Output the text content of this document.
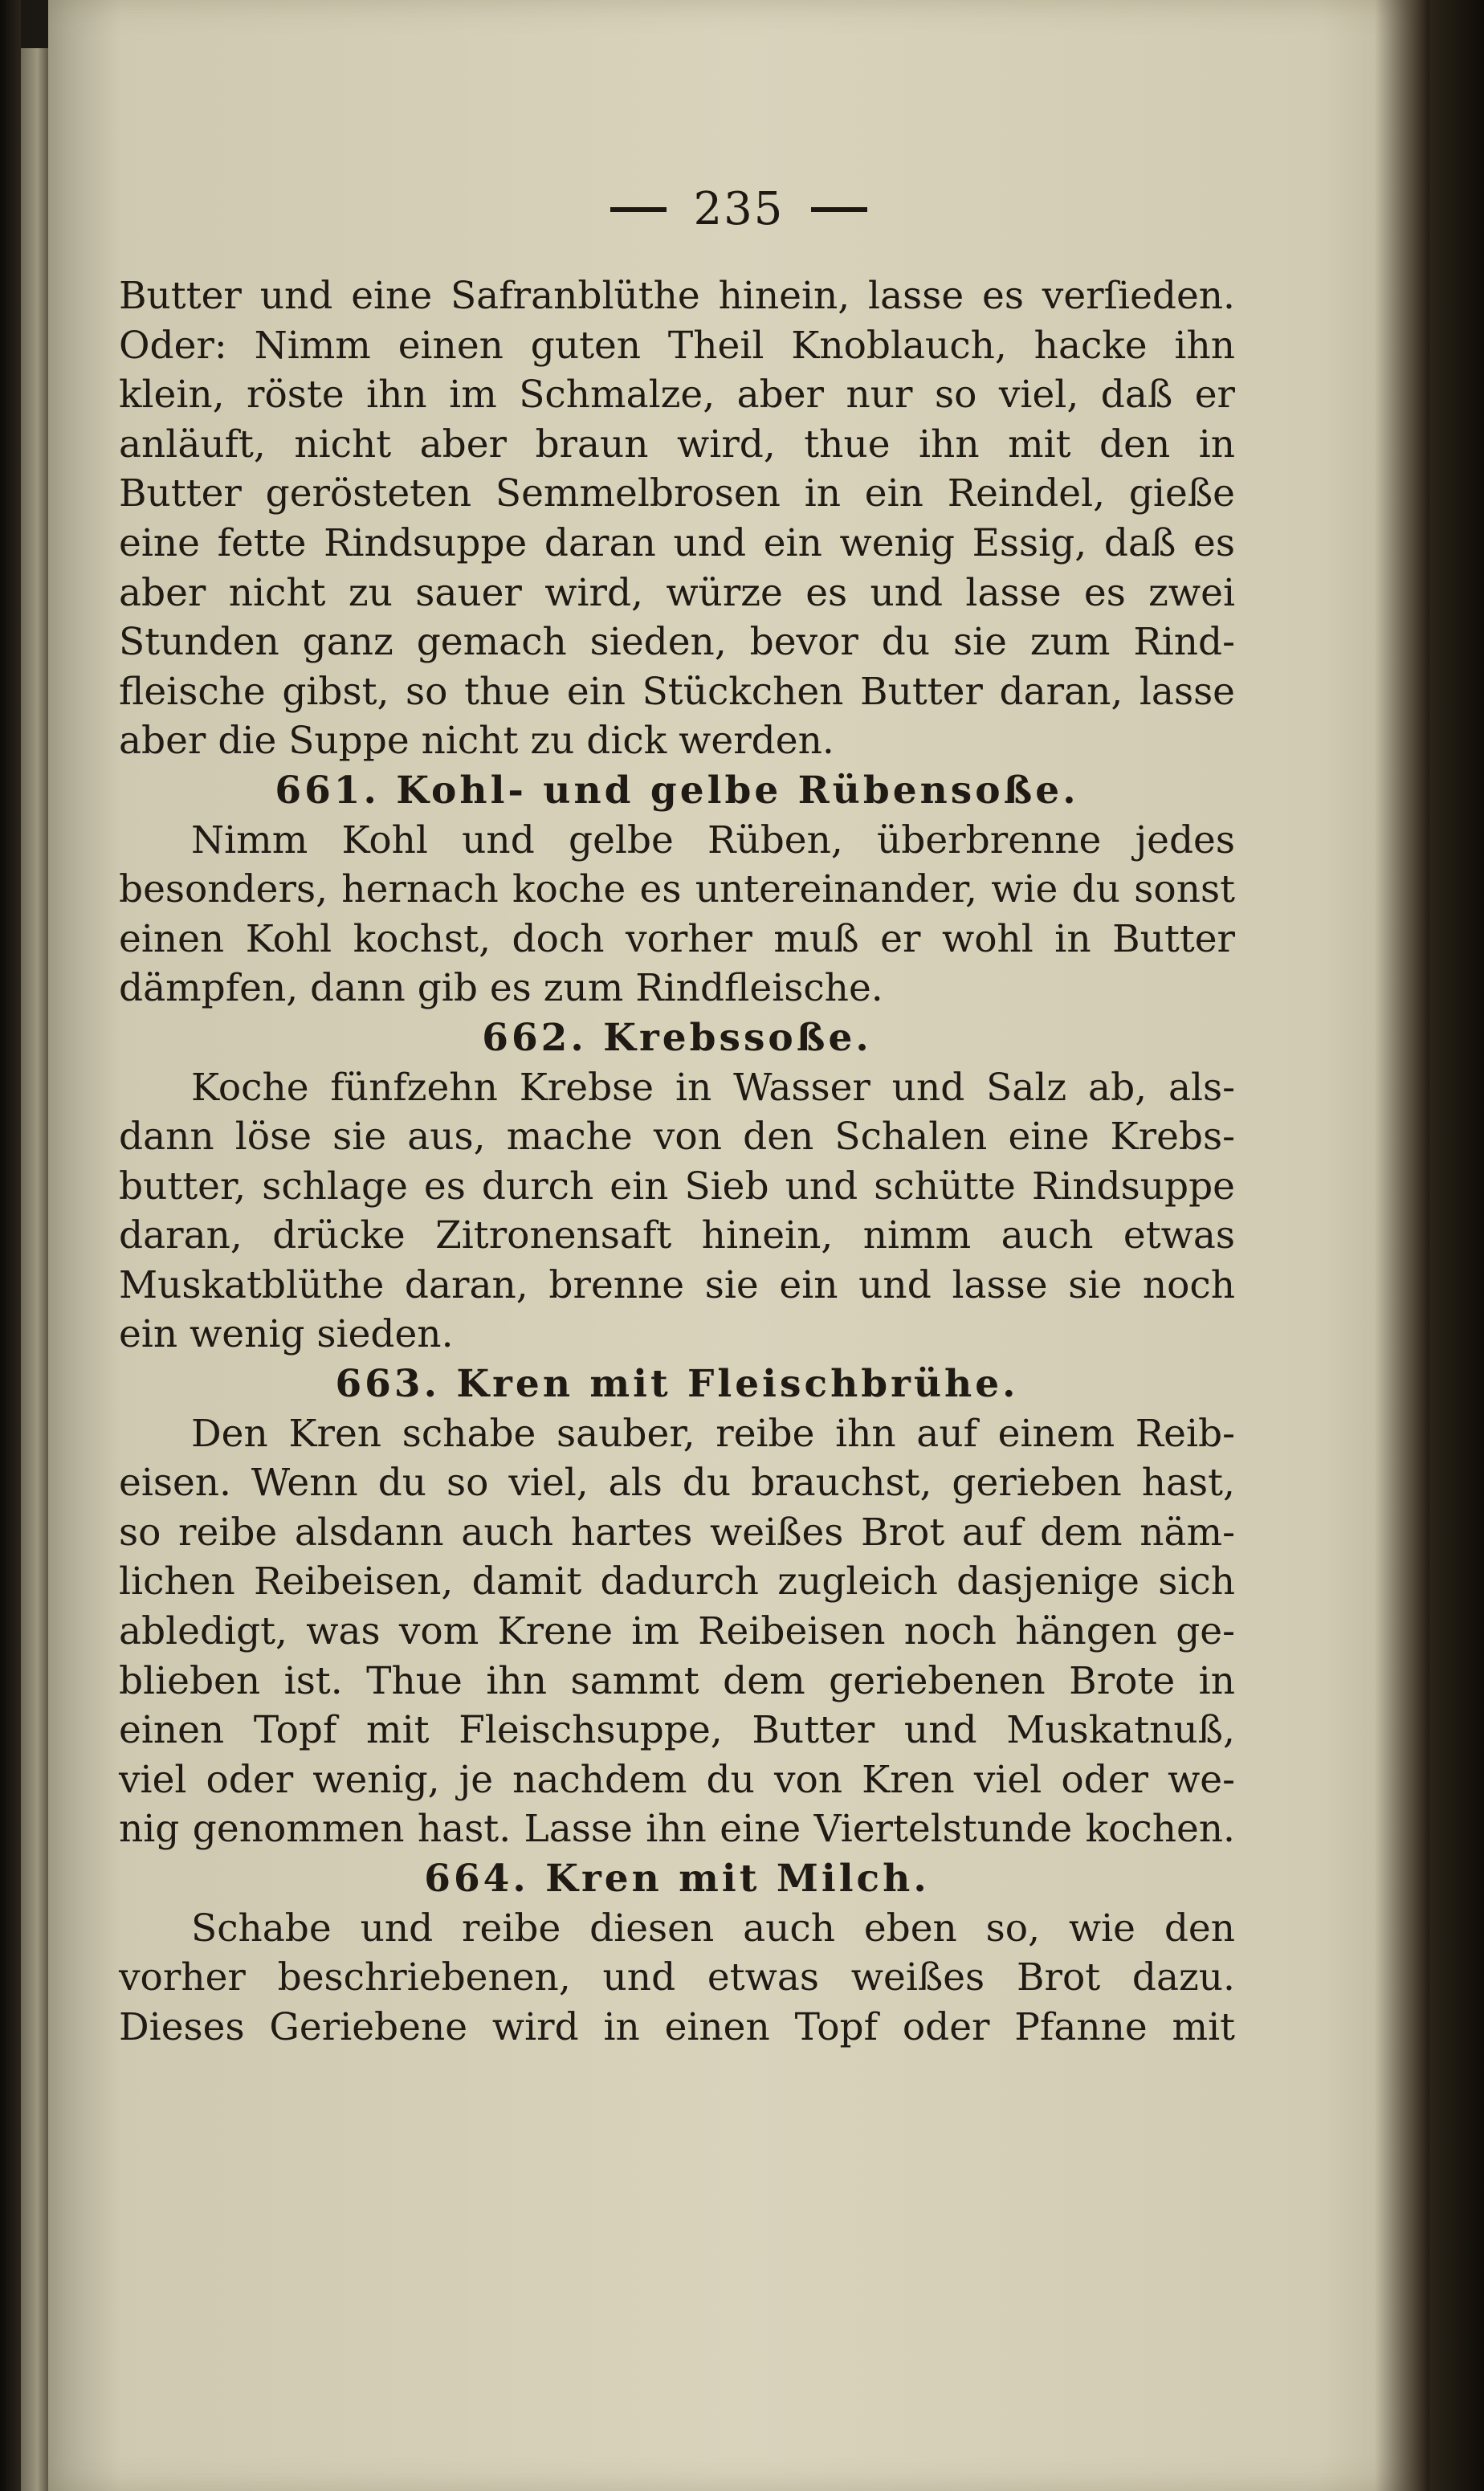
235
Butter und eine Safranblüthe hinein, lasse es verſieden.
Oder: Nimm einen guten Theil Knoblauch, hacke ihn
klein, röste ihn im Schmalze, aber nur so viel, daß er
anläuft, nicht aber braun wird, thue ihn mit den in
Butter gerösteten Semmelbrosen in ein Reindel, gieße
eine fette Rindsuppe daran und ein wenig Essig, daß es
aber nicht zu sauer wird, würze es und lasse es zwei
Stunden ganz gemach sieden, bevor du sie zum Rind-
fleische gibst, so thue ein Stückchen Butter daran, lasse
aber die Suppe nicht zu dick werden.
661. Kohl- und gelbe Rübensoße.
Nimm Kohl und gelbe Rüben, überbrenne jedes
besonders, hernach koche es untereinander, wie du sonst
einen Kohl kochst, doch vorher muß er wohl in Butter
dämpfen, dann gib es zum Rindfleische.
662. Krebssoße.
Koche fünfzehn Krebse in Wasser und Salz ab, als-
dann löse sie aus, mache von den Schalen eine Krebs-
butter, schlage es durch ein Sieb und schütte Rindsuppe
daran, drücke Zitronensaft hinein, nimm auch etwas
Muskatblüthe daran, brenne sie ein und lasse sie noch
ein wenig sieden.
663. Kren mit Fleischbrühe.
Den Kren schabe sauber, reibe ihn auf einem Reib-
eisen. Wenn du so viel, als du brauchst, gerieben hast,
so reibe alsdann auch hartes weißes Brot auf dem näm-
lichen Reibeisen, damit dadurch zugleich dasjenige sich
abledigt, was vom Krene im Reibeisen noch hängen ge-
blieben ist. Thue ihn sammt dem geriebenen Brote in
einen Topf mit Fleischsuppe, Butter und Muskatnuß,
viel oder wenig, je nachdem du von Kren viel oder we-
nig genommen hast. Lasse ihn eine Viertelstunde kochen.
664. Kren mit Milch.
Schabe und reibe diesen auch eben so, wie den
vorher beschriebenen, und etwas weißes Brot dazu.
Dieses Geriebene wird in einen Topf oder Pfanne mit
